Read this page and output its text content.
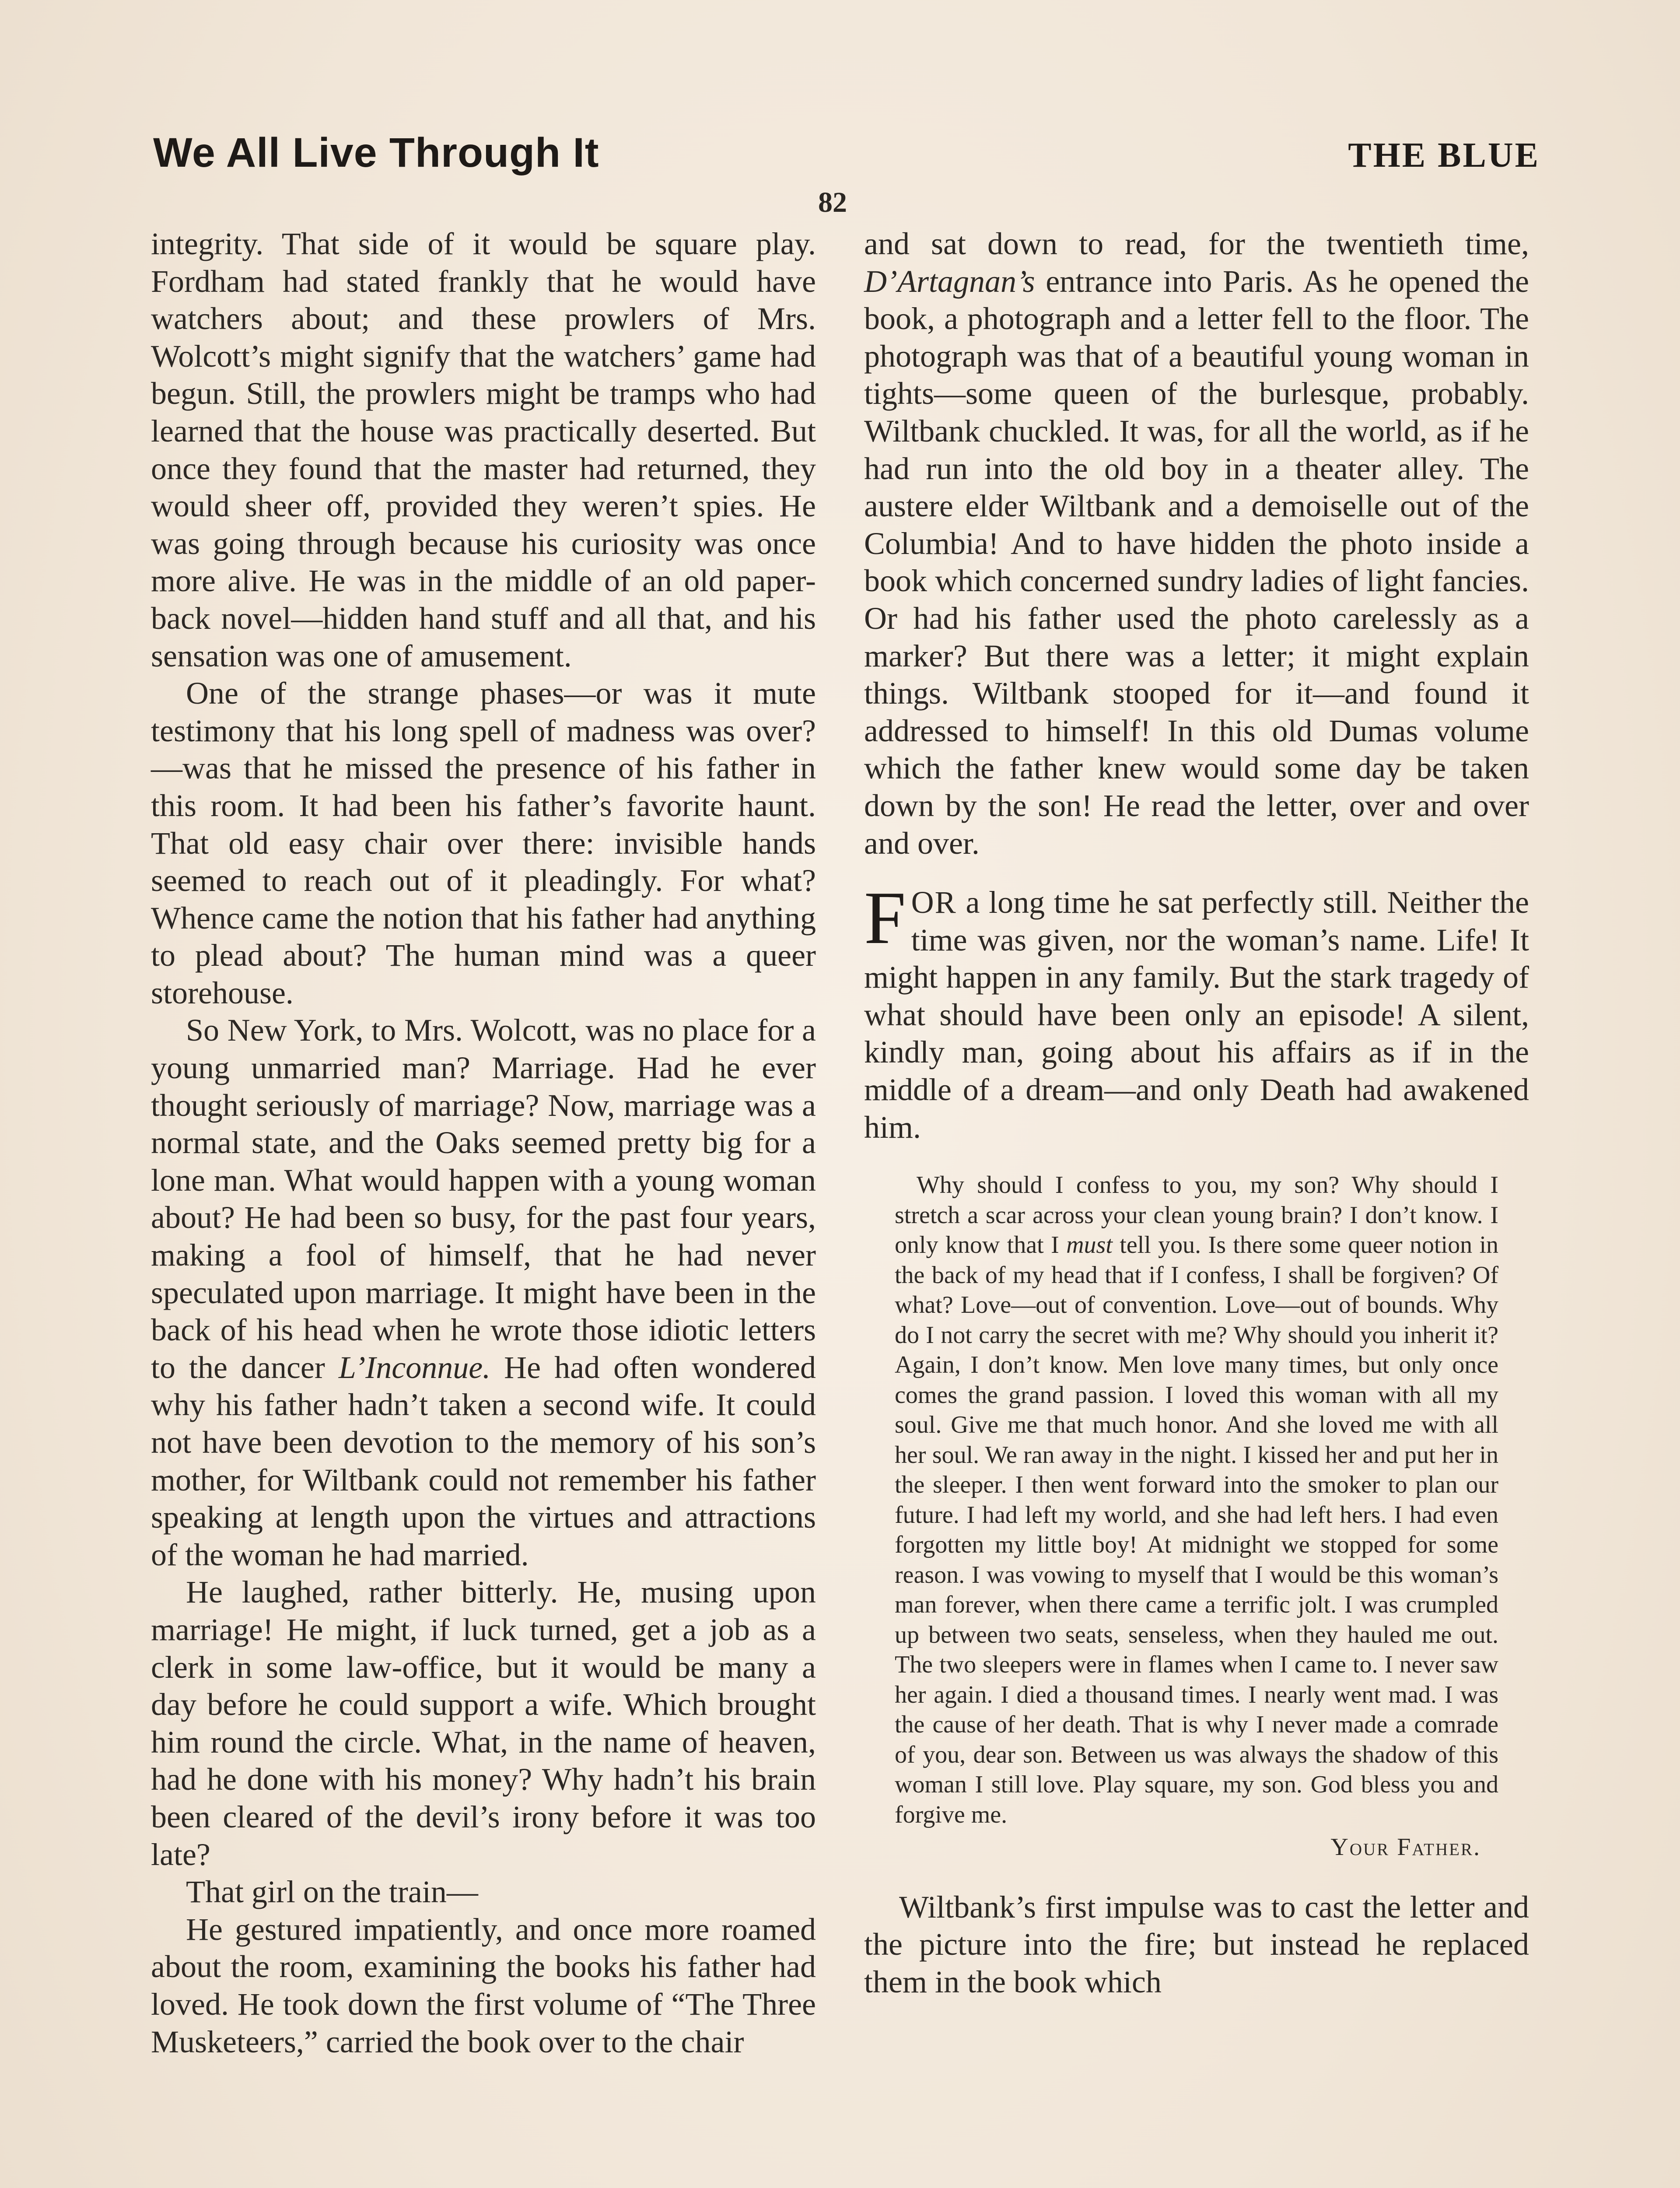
We All Live Through It	THE BLUE
82

integrity. That side of it would be square play. Fordham had stated frankly that he would have watchers about; and these prowlers of Mrs. Wolcott’s might signify that the watchers’ game had begun. Still, the prowlers might be tramps who had learned that the house was practically deserted. But once they found that the master had returned, they would sheer off, provided they weren’t spies. He was going through because his curiosity was once more alive. He was in the middle of an old paper-back novel—hidden hand stuff and all that, and his sensation was one of amusement.

One of the strange phases—or was it mute testimony that his long spell of madness was over?—was that he missed the presence of his father in this room. It had been his father’s favorite haunt. That old easy chair over there: invisible hands seemed to reach out of it pleadingly. For what? Whence came the notion that his father had anything to plead about? The human mind was a queer storehouse.

So New York, to Mrs. Wolcott, was no place for a young unmarried man? Marriage. Had he ever thought seriously of marriage? Now, marriage was a normal state, and the Oaks seemed pretty big for a lone man. What would happen with a young woman about? He had been so busy, for the past four years, making a fool of himself, that he had never speculated upon marriage. It might have been in the back of his head when he wrote those idiotic letters to the dancer L’Inconnue. He had often wondered why his father hadn’t taken a second wife. It could not have been devotion to the memory of his son’s mother, for Wiltbank could not remember his father speaking at length upon the virtues and attractions of the woman he had married.

He laughed, rather bitterly. He, musing upon marriage! He might, if luck turned, get a job as a clerk in some law-office, but it would be many a day before he could support a wife. Which brought him round the circle. What, in the name of heaven, had he done with his money? Why hadn’t his brain been cleared of the devil’s irony before it was too late?

That girl on the train—

He gestured impatiently, and once more roamed about the room, examining the books his father had loved. He took down the first volume of “The Three Musketeers,” carried the book over to the chair

and sat down to read, for the twentieth time, D’Artagnan’s entrance into Paris. As he opened the book, a photograph and a letter fell to the floor. The photograph was that of a beautiful young woman in tights—some queen of the burlesque, probably. Wiltbank chuckled. It was, for all the world, as if he had run into the old boy in a theater alley. The austere elder Wiltbank and a demoiselle out of the Columbia! And to have hidden the photo inside a book which concerned sundry ladies of light fancies. Or had his father used the photo carelessly as a marker? But there was a letter; it might explain things. Wiltbank stooped for it—and found it addressed to himself! In this old Dumas volume which the father knew would some day be taken down by the son! He read the letter, over and over and over.

FOR a long time he sat perfectly still. Neither the time was given, nor the woman’s name. Life! It might happen in any family. But the stark tragedy of what should have been only an episode! A silent, kindly man, going about his affairs as if in the middle of a dream—and only Death had awakened him.

Why should I confess to you, my son? Why should I stretch a scar across your clean young brain? I don’t know. I only know that I must tell you. Is there some queer notion in the back of my head that if I confess, I shall be forgiven? Of what? Love—out of convention. Love—out of bounds. Why do I not carry the secret with me? Why should you inherit it? Again, I don’t know. Men love many times, but only once comes the grand passion. I loved this woman with all my soul. Give me that much honor. And she loved me with all her soul. We ran away in the night. I kissed her and put her in the sleeper. I then went forward into the smoker to plan our future. I had left my world, and she had left hers. I had even forgotten my little boy! At midnight we stopped for some reason. I was vowing to myself that I would be this woman’s man forever, when there came a terrific jolt. I was crumpled up between two seats, senseless, when they hauled me out. The two sleepers were in flames when I came to. I never saw her again. I died a thousand times. I nearly went mad. I was the cause of her death. That is why I never made a comrade of you, dear son. Between us was always the shadow of this woman I still love. Play square, my son. God bless you and forgive me.

Your Father.

Wiltbank’s first impulse was to cast the letter and the picture into the fire; but instead he replaced them in the book which
